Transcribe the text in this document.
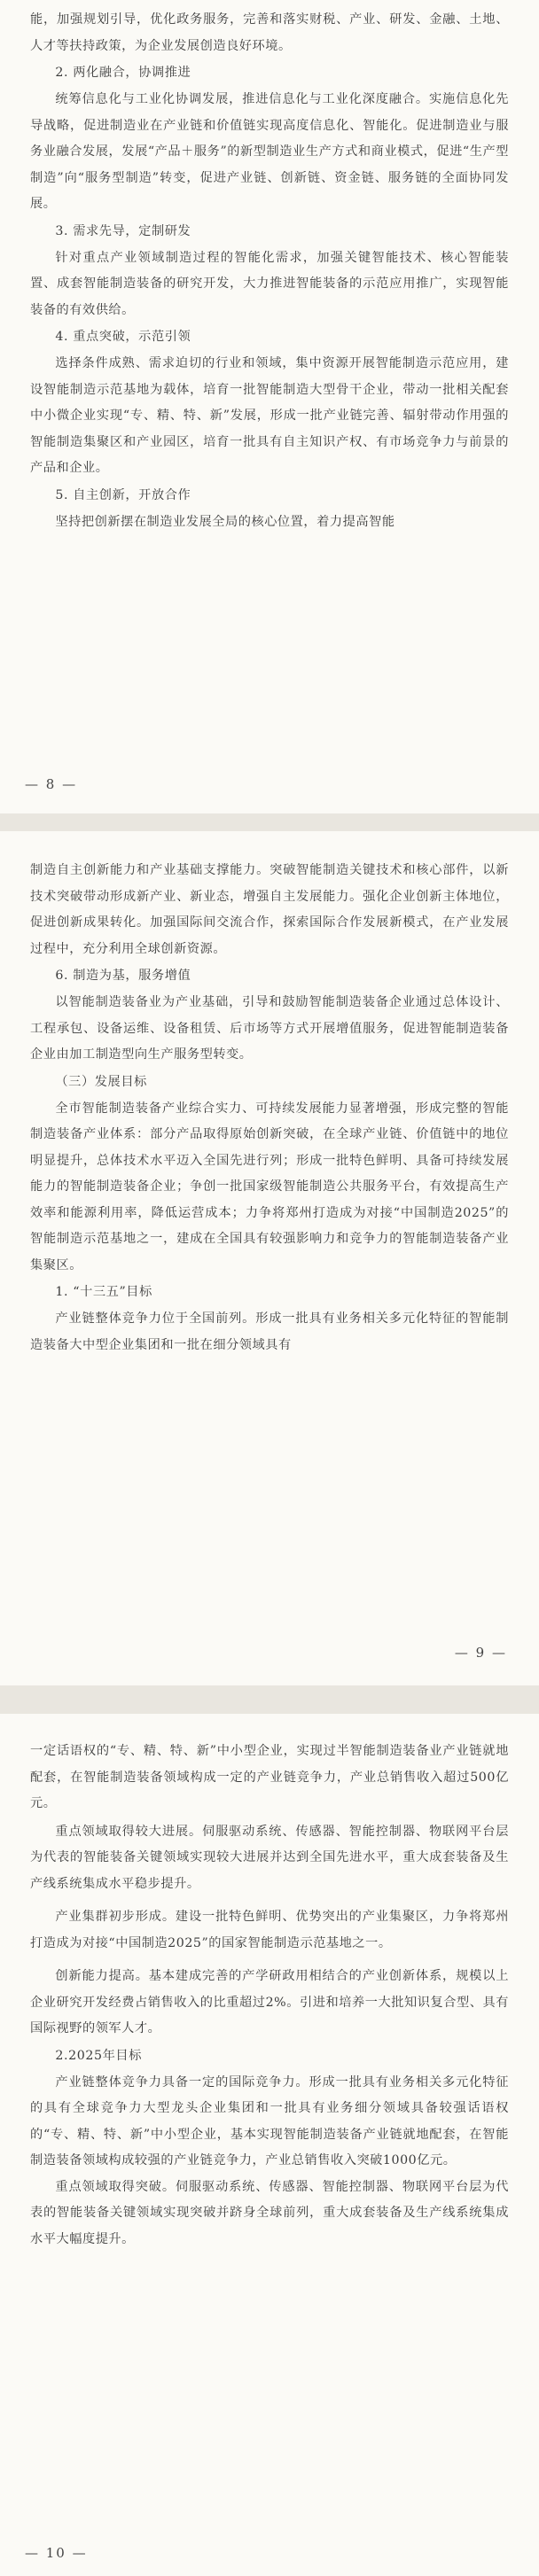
能，加强规划引导，优化政务服务，完善和落实财税、产业、研发、金融、土地、人才等扶持政策，为企业发展创造良好环境。

2. 两化融合，协调推进

统筹信息化与工业化协调发展，推进信息化与工业化深度融合。实施信息化先导战略，促进制造业在产业链和价值链实现高度信息化、智能化。促进制造业与服务业融合发展，发展“产品＋服务”的新型制造业生产方式和商业模式，促进“生产型制造”向“服务型制造”转变，促进产业链、创新链、资金链、服务链的全面协同发展。

3. 需求先导，定制研发

针对重点产业领域制造过程的智能化需求，加强关键智能技术、核心智能装置、成套智能制造装备的研究开发，大力推进智能装备的示范应用推广，实现智能装备的有效供给。

4. 重点突破，示范引领

选择条件成熟、需求迫切的行业和领域，集中资源开展智能制造示范应用，建设智能制造示范基地为载体，培育一批智能制造大型骨干企业，带动一批相关配套中小微企业实现“专、精、特、新”发展，形成一批产业链完善、辐射带动作用强的智能制造集聚区和产业园区，培育一批具有自主知识产权、有市场竞争力与前景的产品和企业。

5. 自主创新，开放合作

坚持把创新摆在制造业发展全局的核心位置，着力提高智能

— 8 —

制造自主创新能力和产业基础支撑能力。突破智能制造关键技术和核心部件，以新技术突破带动形成新产业、新业态，增强自主发展能力。强化企业创新主体地位，促进创新成果转化。加强国际间交流合作，探索国际合作发展新模式，在产业发展过程中，充分利用全球创新资源。

6. 制造为基，服务增值

以智能制造装备业为产业基础，引导和鼓励智能制造装备企业通过总体设计、工程承包、设备运维、设备租赁、后市场等方式开展增值服务，促进智能制造装备企业由加工制造型向生产服务型转变。

（三）发展目标

全市智能制造装备产业综合实力、可持续发展能力显著增强，形成完整的智能制造装备产业体系：部分产品取得原始创新突破，在全球产业链、价值链中的地位明显提升，总体技术水平迈入全国先进行列；形成一批特色鲜明、具备可持续发展能力的智能制造装备企业；争创一批国家级智能制造公共服务平台，有效提高生产效率和能源利用率，降低运营成本；力争将郑州打造成为对接“中国制造2025”的智能制造示范基地之一，建成在全国具有较强影响力和竞争力的智能制造装备产业集聚区。

1. “十三五”目标

产业链整体竞争力位于全国前列。形成一批具有业务相关多元化特征的智能制造装备大中型企业集团和一批在细分领域具有

— 9 —

一定话语权的“专、精、特、新”中小型企业，实现过半智能制造装备业产业链就地配套，在智能制造装备领域构成一定的产业链竞争力，产业总销售收入超过500亿元。

重点领域取得较大进展。伺服驱动系统、传感器、智能控制器、物联网平台层为代表的智能装备关键领域实现较大进展并达到全国先进水平，重大成套装备及生产线系统集成水平稳步提升。

产业集群初步形成。建设一批特色鲜明、优势突出的产业集聚区，力争将郑州打造成为对接“中国制造2025”的国家智能制造示范基地之一。

创新能力提高。基本建成完善的产学研政用相结合的产业创新体系，规模以上企业研究开发经费占销售收入的比重超过2%。引进和培养一大批知识复合型、具有国际视野的领军人才。

2.2025年目标

产业链整体竞争力具备一定的国际竞争力。形成一批具有业务相关多元化特征的具有全球竞争力大型龙头企业集团和一批具有业务细分领域具备较强话语权的“专、精、特、新”中小型企业，基本实现智能制造装备产业链就地配套，在智能制造装备领域构成较强的产业链竞争力，产业总销售收入突破1000亿元。

重点领域取得突破。伺服驱动系统、传感器、智能控制器、物联网平台层为代表的智能装备关键领域实现突破并跻身全球前列，重大成套装备及生产线系统集成水平大幅度提升。

— 10 —
